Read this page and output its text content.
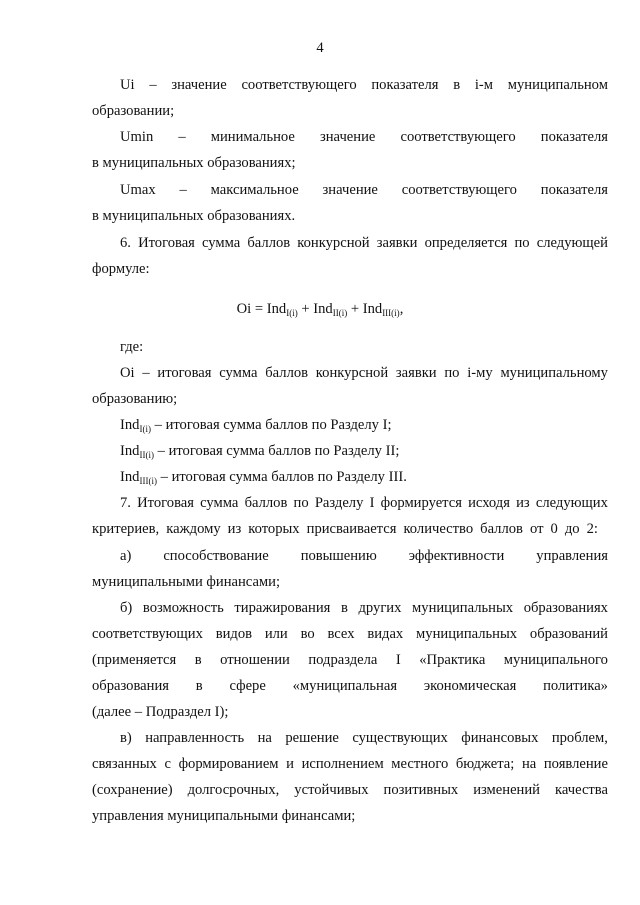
4
Ui – значение соответствующего показателя в i-м муниципальном
образовании;
Umin – минимальное значение соответствующего показателя
в муниципальных образованиях;
Umax – максимальное значение соответствующего показателя
в муниципальных образованиях.
6. Итоговая сумма баллов конкурсной заявки определяется по следующей
формуле:
Oi = Ind$_{I(i)}$ + Ind$_{II(i)}$ + Ind$_{III(i)}$,
где:
Oi – итоговая сумма баллов конкурсной заявки по i-му муниципальному
образованию;
Ind$_{I(i)}$ – итоговая сумма баллов по Разделу I;
Ind$_{II(i)}$ – итоговая сумма баллов по Разделу II;
Ind$_{III(i)}$ – итоговая сумма баллов по Разделу III.
7. Итоговая сумма баллов по Разделу I формируется исходя из следующих
критериев, каждому из которых присваивается количество баллов от 0 до 2:
а) способствование повышению эффективности управления
муниципальными финансами;
б) возможность тиражирования в других муниципальных образованиях
соответствующих видов или во всех видах муниципальных образований
(применяется в отношении подраздела I «Практика муниципального
образования в сфере «муниципальная экономическая политика»
(далее – Подраздел I);
в) направленность на решение существующих финансовых проблем,
связанных с формированием и исполнением местного бюджета; на появление
(сохранение) долгосрочных, устойчивых позитивных изменений качества
управления муниципальными финансами;
